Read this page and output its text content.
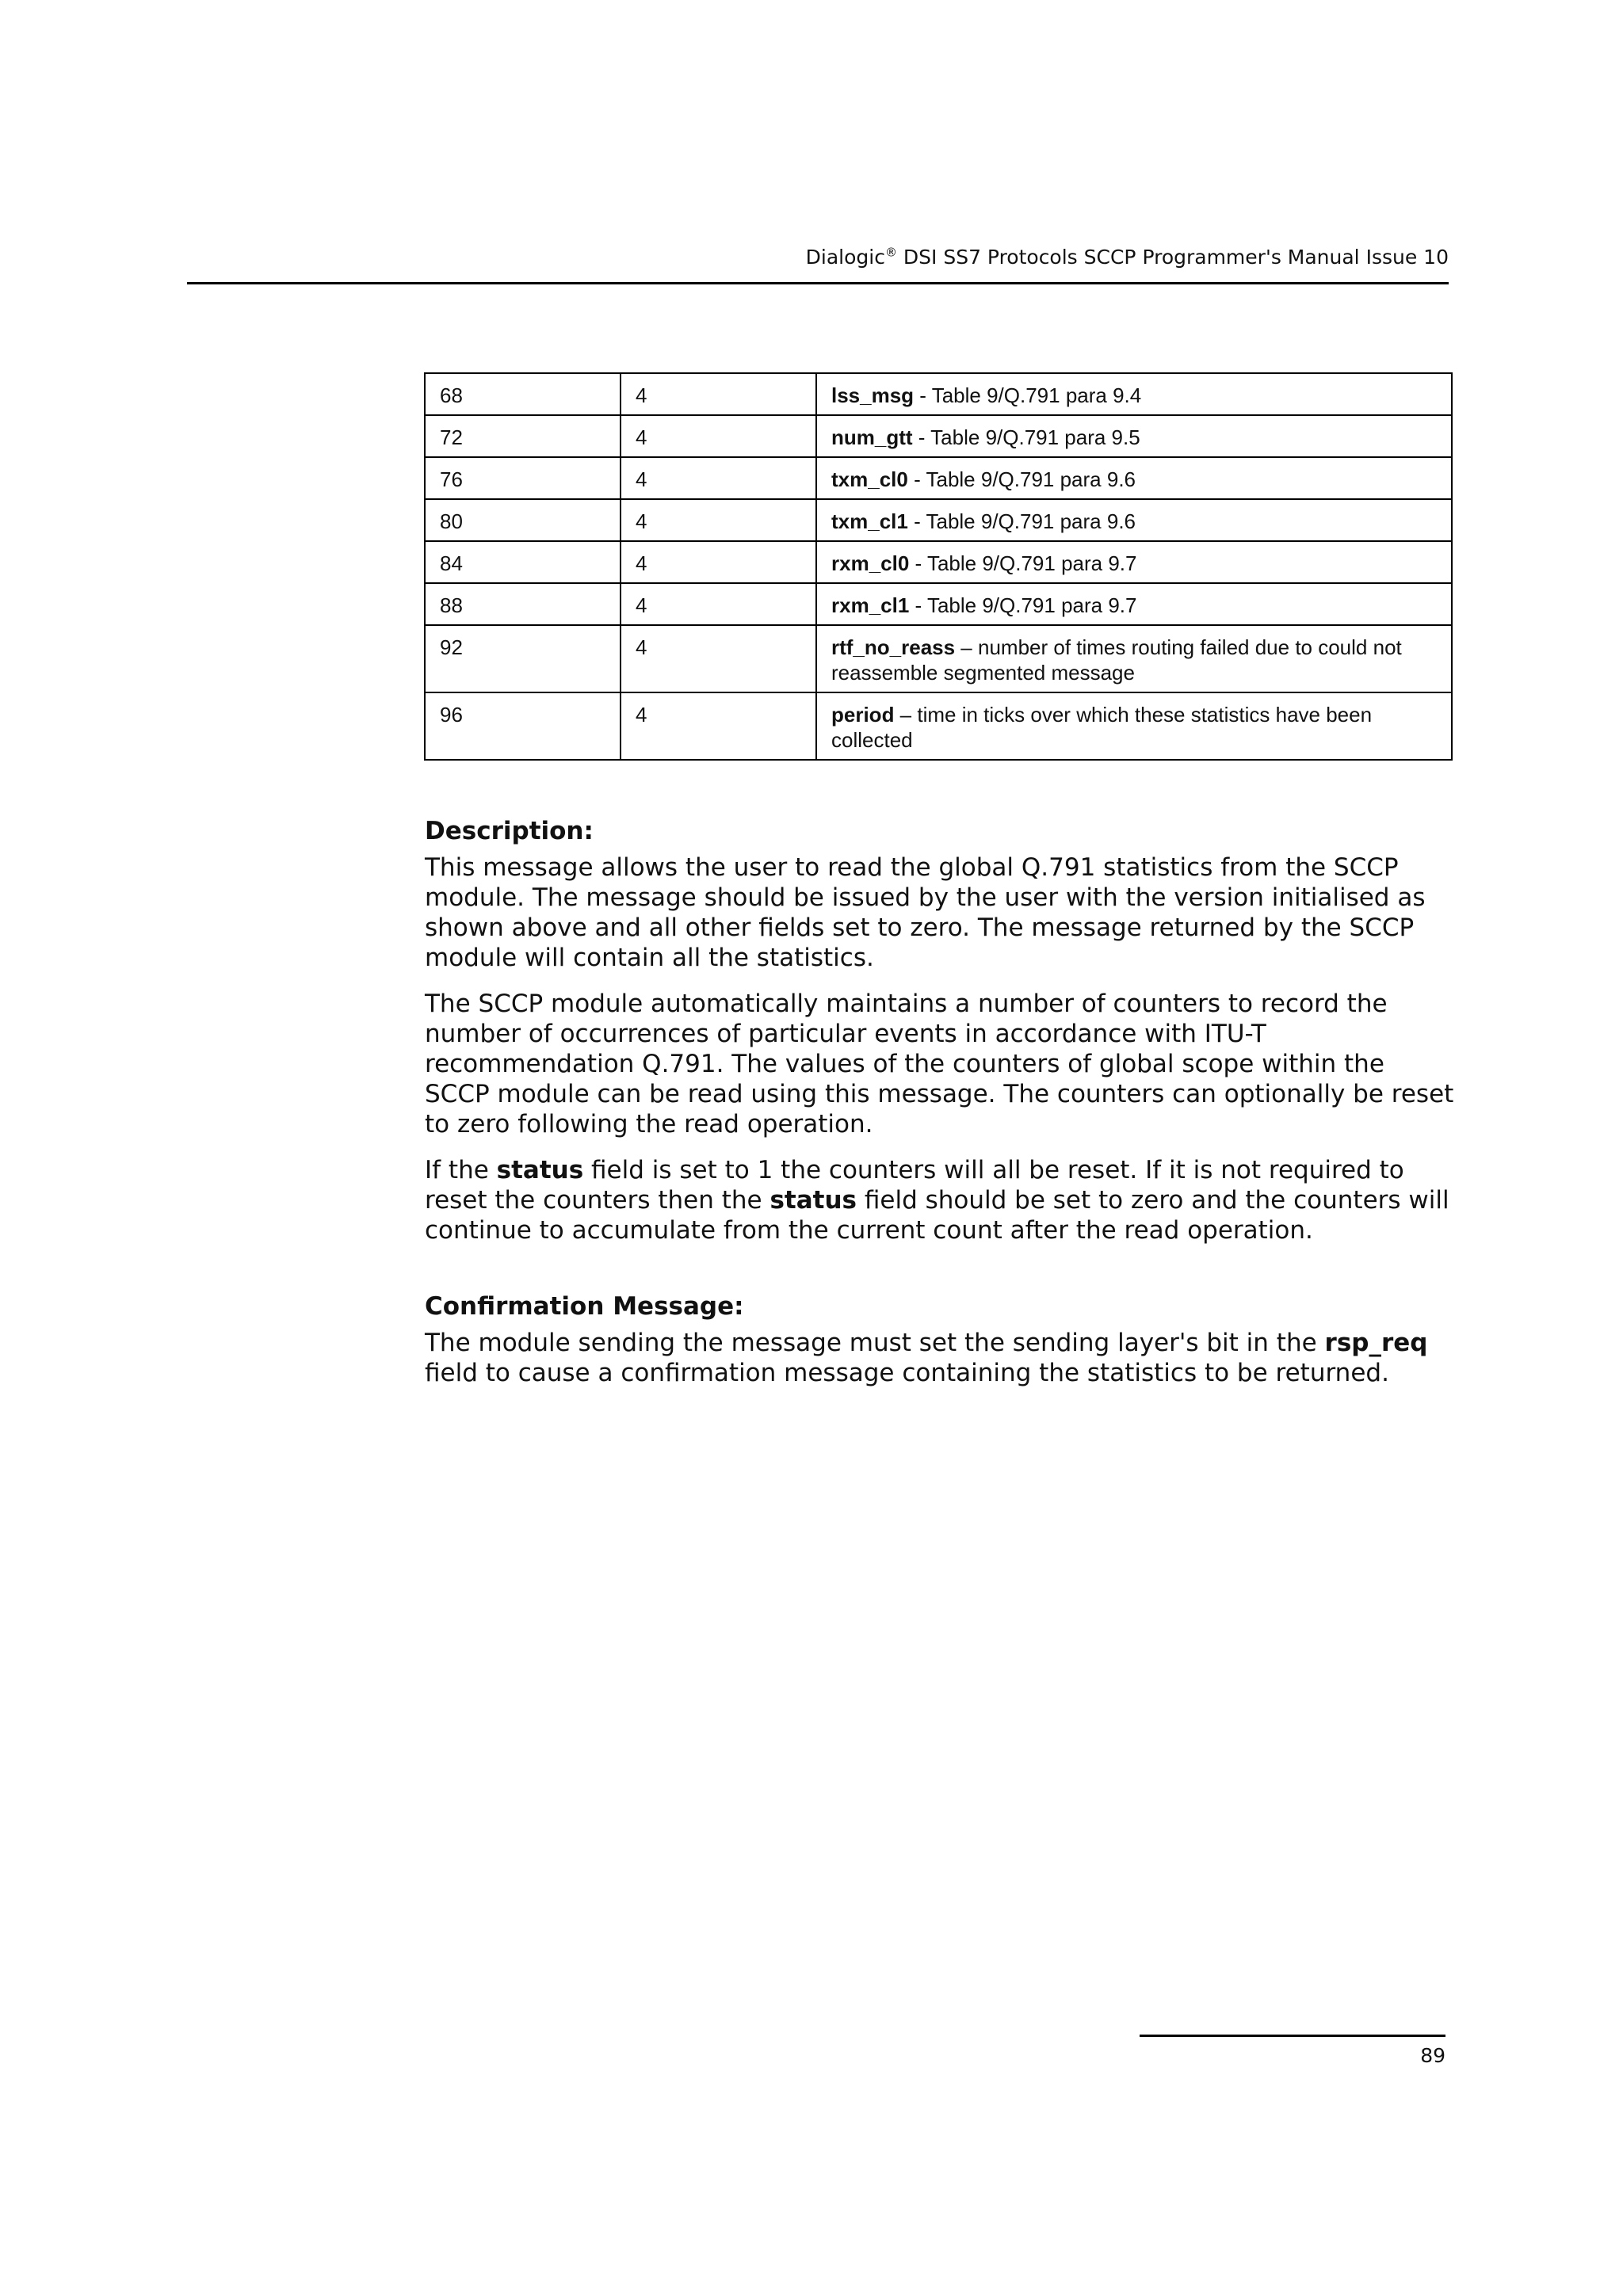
Dialogic® DSI SS7 Protocols SCCP Programmer's Manual Issue 10
68	4	lss_msg - Table 9/Q.791 para 9.4
72	4	num_gtt - Table 9/Q.791 para 9.5
76	4	txm_cl0 - Table 9/Q.791 para 9.6
80	4	txm_cl1 - Table 9/Q.791 para 9.6
84	4	rxm_cl0 - Table 9/Q.791 para 9.7
88	4	rxm_cl1 - Table 9/Q.791 para 9.7
92	4	rtf_no_reass – number of times routing failed due to could not reassemble segmented message
96	4	period – time in ticks over which these statistics have been collected
Description:

This message allows the user to read the global Q.791 statistics from the SCCP module. The message should be issued by the user with the version initialised as shown above and all other fields set to zero. The message returned by the SCCP module will contain all the statistics.

The SCCP module automatically maintains a number of counters to record the number of occurrences of particular events in accordance with ITU-T recommendation Q.791. The values of the counters of global scope within the SCCP module can be read using this message. The counters can optionally be reset to zero following the read operation.

If the status field is set to 1 the counters will all be reset. If it is not required to reset the counters then the status field should be set to zero and the counters will continue to accumulate from the current count after the read operation.

Confirmation Message:

The module sending the message must set the sending layer's bit in the rsp_req field to cause a confirmation message containing the statistics to be returned.

89
